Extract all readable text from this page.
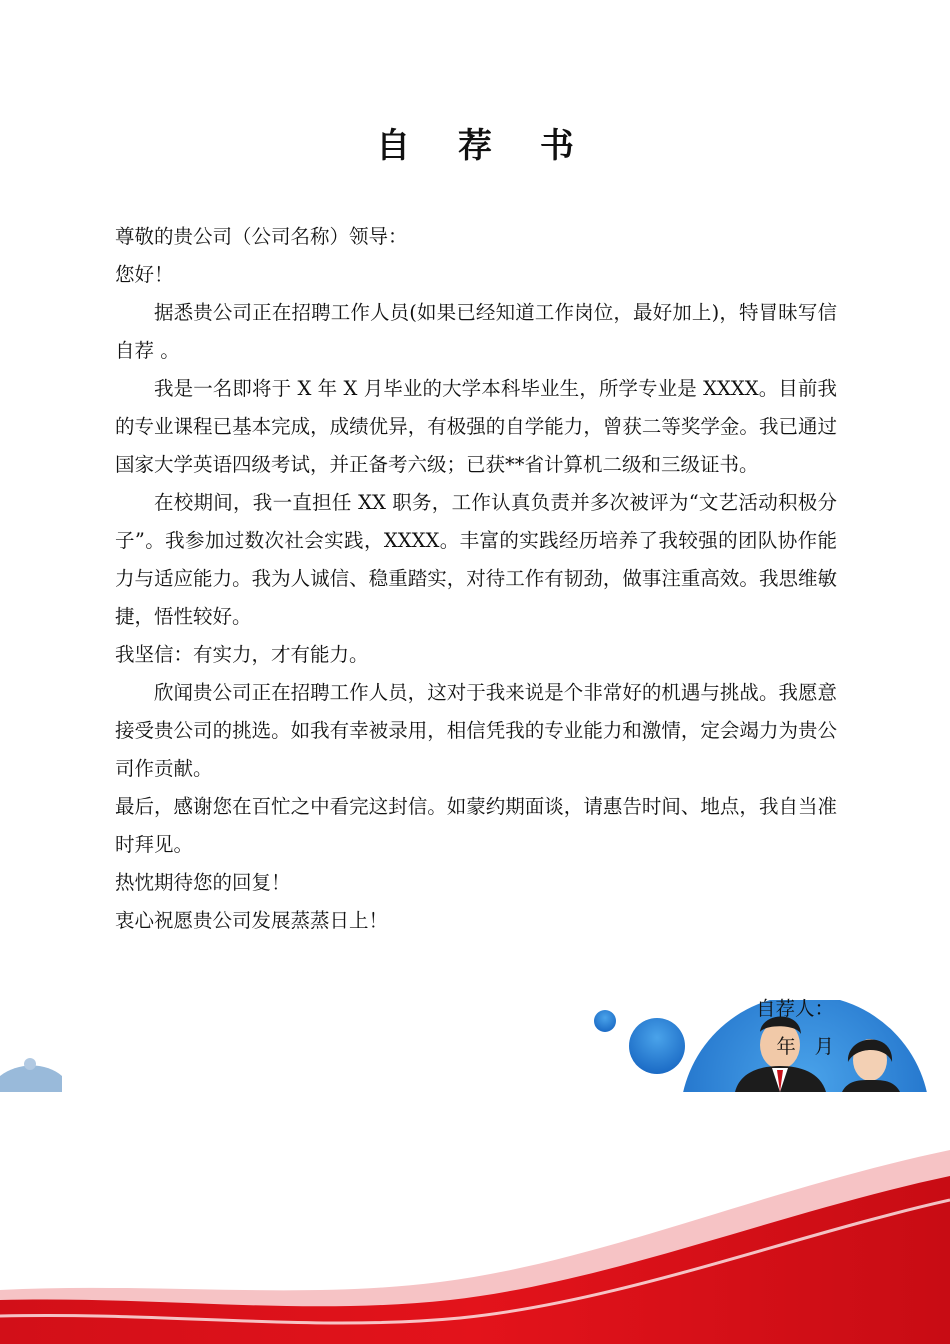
自 荐 书

尊敬的贵公司（公司名称）领导：

您好！

据悉贵公司正在招聘工作人员(如果已经知道工作岗位，最好加上)，特冒昧写信自荐 。

我是一名即将于 X 年 X 月毕业的大学本科毕业生，所学专业是 XXXX。目前我的专业课程已基本完成，成绩优异，有极强的自学能力，曾获二等奖学金。我已通过国家大学英语四级考试，并正备考六级；已获**省计算机二级和三级证书。

在校期间，我一直担任 XX 职务，工作认真负责并多次被评为“文艺活动积极分子”。我参加过数次社会实践，XXXX。丰富的实践经历培养了我较强的团队协作能力与适应能力。我为人诚信、稳重踏实，对待工作有韧劲，做事注重高效。我思维敏捷，悟性较好。

我坚信：有实力，才有能力。

欣闻贵公司正在招聘工作人员，这对于我来说是个非常好的机遇与挑战。我愿意接受贵公司的挑选。如我有幸被录用，相信凭我的专业能力和激情，定会竭力为贵公司作贡献。

最后，感谢您在百忙之中看完这封信。如蒙约期面谈，请惠告时间、地点，我自当准时拜见。

热忱期待您的回复！

衷心祝愿贵公司发展蒸蒸日上！

自荐人：
年   月
